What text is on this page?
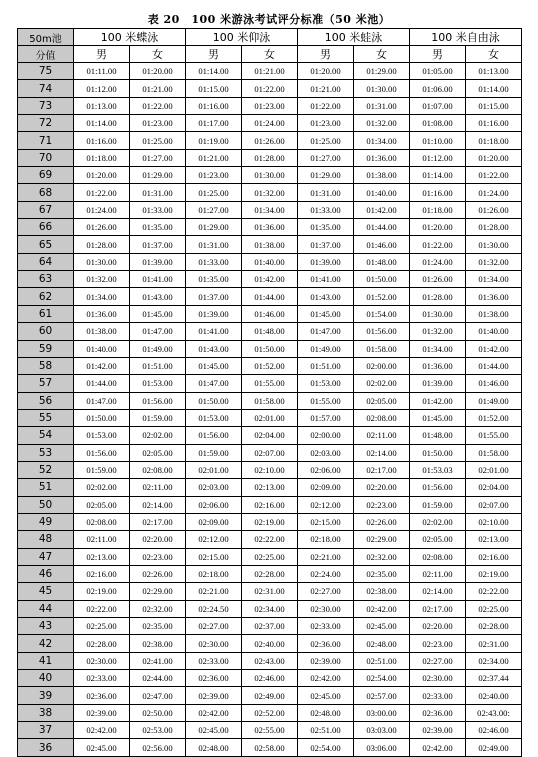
表 20　100 米游泳考试评分标准（50 米池）
50m池	100 米蝶泳		100 米仰泳		100 米蛙泳		100 米自由泳	
分值	男	女	男	女	男	女	男	女
75	01:11.00	01:20.00	01:14.00	01:21.00	01:20.00	01:29.00	01:05.00	01:13.00
74	01:12.00	01:21.00	01:15.00	01:22.00	01:21.00	01:30.00	01:06.00	01:14.00
73	01:13.00	01:22.00	01:16.00	01:23.00	01:22.00	01:31.00	01:07.00	01:15.00
72	01:14.00	01:23.00	01:17.00	01:24.00	01:23.00	01:32.00	01:08.00	01:16.00
71	01:16.00	01:25.00	01:19.00	01:26.00	01:25.00	01:34.00	01:10.00	01:18.00
70	01:18.00	01:27.00	01:21.00	01:28.00	01:27.00	01:36.00	01:12.00	01:20.00
69	01:20.00	01:29.00	01:23.00	01:30.00	01:29.00	01:38.00	01:14.00	01:22.00
68	01:22.00	01:31.00	01:25.00	01:32.00	01:31.00	01:40.00	01:16.00	01:24.00
67	01:24.00	01:33.00	01:27.00	01:34.00	01:33.00	01:42.00	01:18.00	01:26.00
66	01:26.00	01:35.00	01:29.00	01:36.00	01:35.00	01:44.00	01:20.00	01:28.00
65	01:28.00	01:37.00	01:31.00	01:38.00	01:37.00	01:46.00	01:22.00	01:30.00
64	01:30.00	01:39.00	01:33.00	01:40.00	01:39.00	01:48.00	01:24.00	01:32.00
63	01:32.00	01:41.00	01:35.00	01:42.00	01:41.00	01:50.00	01:26.00	01:34.00
62	01:34.00	01:43.00	01:37.00	01:44.00	01:43.00	01:52.00	01:28.00	01:36.00
61	01:36.00	01:45.00	01:39.00	01:46.00	01:45.00	01:54.00	01:30.00	01:38.00
60	01:38.00	01:47.00	01:41.00	01:48.00	01:47.00	01:56.00	01:32.00	01:40.00
59	01:40.00	01:49.00	01:43.00	01:50.00	01:49.00	01:58.00	01:34.00	01:42.00
58	01:42.00	01:51.00	01:45.00	01:52.00	01:51.00	02:00.00	01:36.00	01:44.00
57	01:44.00	01:53.00	01:47.00	01:55.00	01:53.00	02:02.00	01:39.00	01:46.00
56	01:47.00	01:56.00	01:50.00	01:58.00	01:55.00	02:05.00	01:42.00	01:49.00
55	01:50.00	01:59.00	01:53.00	02:01.00	01:57.00	02:08.00	01:45.00	01:52.00
54	01:53.00	02:02.00	01:56.00	02:04.00	02:00.00	02:11.00	01:48.00	01:55.00
53	01:56.00	02:05.00	01:59.00	02:07.00	02:03.00	02:14.00	01:50.00	01:58.00
52	01:59.00	02:08.00	02:01.00	02:10.00	02:06.00	02:17.00	01:53.03	02:01.00
51	02:02.00	02:11.00	02:03.00	02:13.00	02:09.00	02:20.00	01:56.00	02:04.00
50	02:05.00	02:14.00	02:06.00	02:16.00	02:12.00	02:23.00	01:59.00	02:07.00
49	02:08.00	02:17.00	02:09.00	02:19.00	02:15.00	02:26.00	02:02.00	02:10.00
48	02:11.00	02:20.00	02:12.00	02:22.00	02:18.00	02:29.00	02:05.00	02:13.00
47	02:13.00	02:23.00	02:15.00	02:25.00	02:21.00	02:32.00	02:08.00	02:16.00
46	02:16.00	02:26.00	02:18.00	02:28.00	02:24.00	02:35.00	02:11.00	02:19.00
45	02:19.00	02:29.00	02:21.00	02:31.00	02:27.00	02:38.00	02:14.00	02:22.00
44	02:22.00	02:32.00	02:24.50	02:34.00	02:30.00	02:42.00	02:17.00	02:25.00
43	02:25.00	02:35.00	02:27.00	02:37.00	02:33.00	02:45.00	02:20.00	02:28.00
42	02:28.00	02:38.00	02:30.00	02:40.00	02:36.00	02:48.00	02:23.00	02:31.00
41	02:30.00	02:41.00	02:33.00	02:43.00	02:39.00	02:51.00	02:27.00	02:34.00
40	02:33.00	02:44.00	02:36.00	02:46.00	02:42.00	02:54.00	02:30.00	02:37.44
39	02:36.00	02:47.00	02:39.00	02:49.00	02:45.00	02:57.00	02:33.00	02:40.00
38	02:39.00	02:50.00	02:42.00	02:52.00	02:48.00	03:00.00	02:36.00	02:43.00:
37	02:42.00	02:53.00	02:45.00	02:55.00	02:51.00	03:03.00	02:39.00	02:46.00
36	02:45.00	02:56.00	02:48.00	02:58.00	02:54.00	03:06.00	02:42.00	02:49.00
